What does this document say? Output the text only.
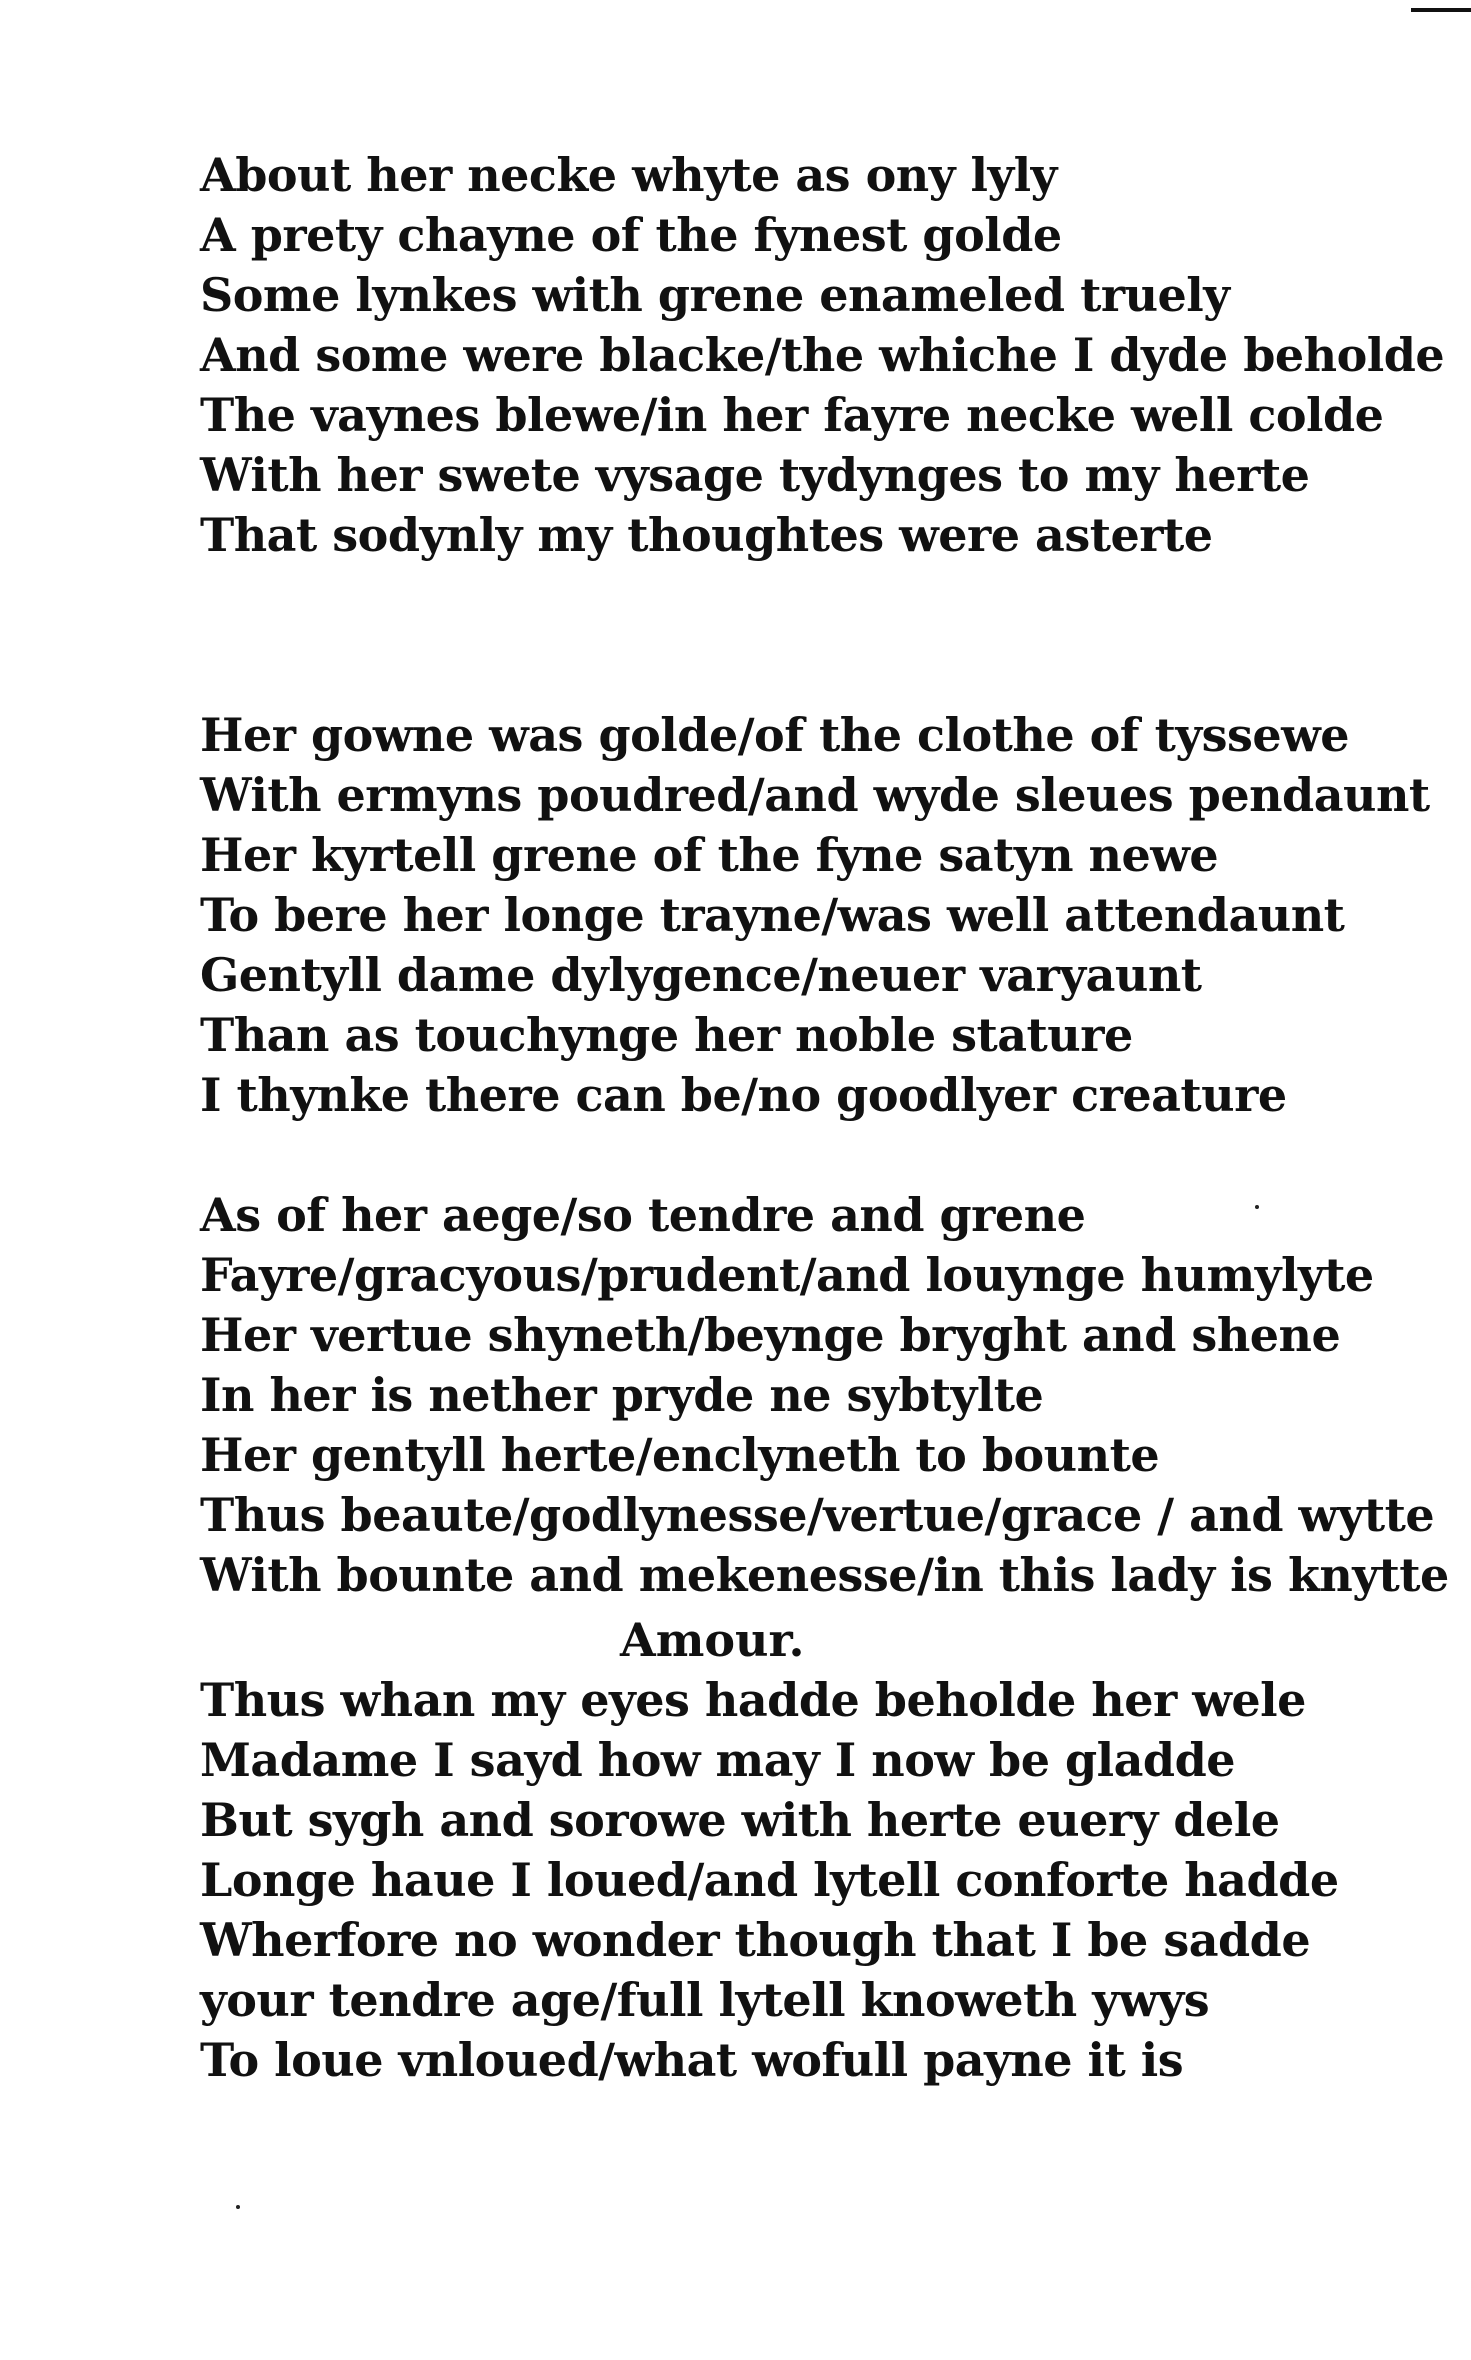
About her necke whyte as ony lyly
A prety chayne of the fynest golde
Some lynkes with grene enameled truely
And some were blacke/the whiche I dyde beholde
The vaynes blewe/in her fayre necke well colde
With her swete vysage tydynges to my herte
That sodynly my thoughtes were asterte
Her gowne was golde/of the clothe of tyssewe
With ermyns poudred/and wyde sleues pendaunt
Her kyrtell grene of the fyne satyn newe
To bere her longe trayne/was well attendaunt
Gentyll dame dylygence/neuer varyaunt
Than as touchynge her noble stature
I thynke there can be/no goodlyer creature
As of her aege/so tendre and grene
Fayre/gracyous/prudent/and louynge humylyte
Her vertue shyneth/beynge bryght and shene
In her is nether pryde ne sybtylte
Her gentyll herte/enclyneth to bounte
Thus beaute/godlynesse/vertue/grace / and wytte
With bounte and mekenesse/in this lady is knytte
Amour.
Thus whan my eyes hadde beholde her wele
Madame I sayd how may I now be gladde
But sygh and sorowe with herte euery dele
Longe haue I loued/and lytell conforte hadde
Wherfore no wonder though that I be sadde
your tendre age/full lytell knoweth ywys
To loue vnloued/what wofull payne it is
